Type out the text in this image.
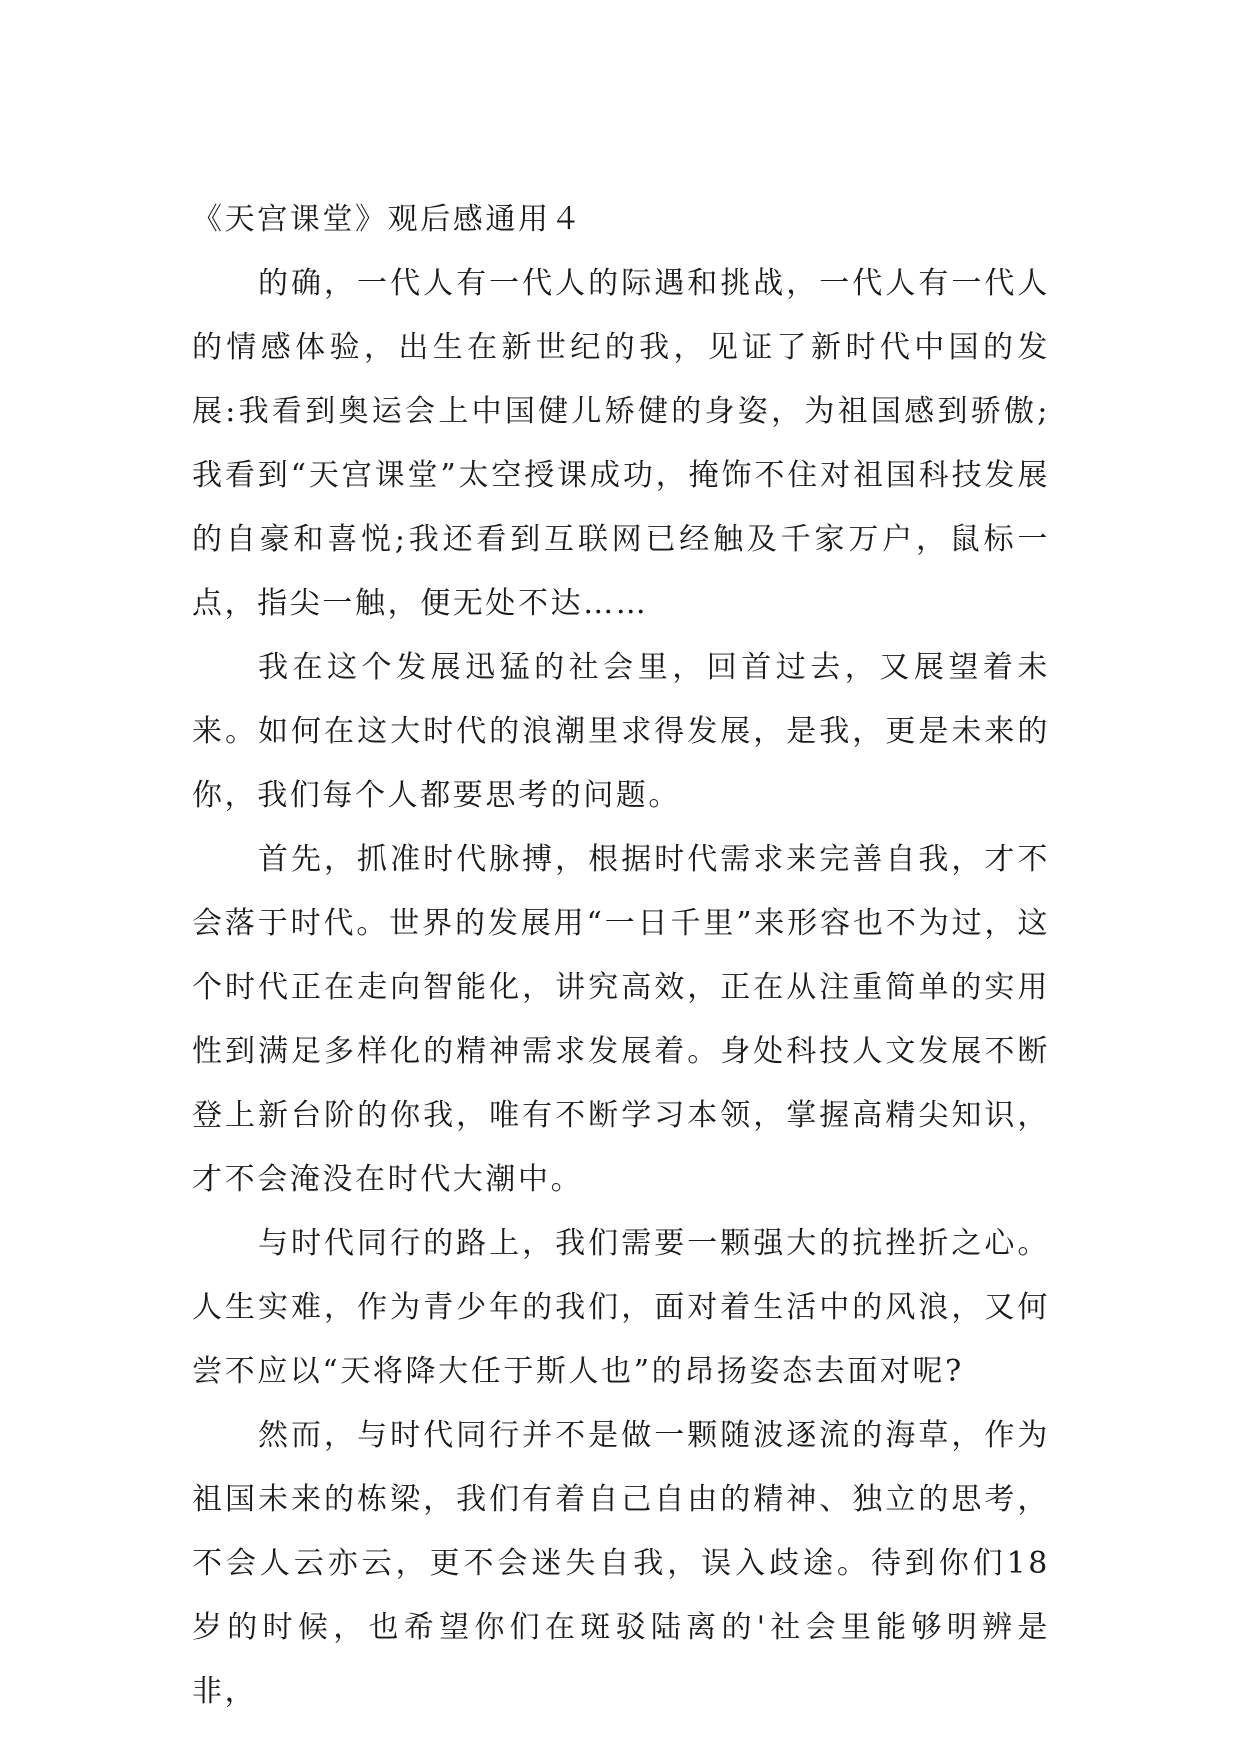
《天宫课堂》观后感通用４

的确，一代人有一代人的际遇和挑战，一代人有一代人的情感体验，出生在新世纪的我，见证了新时代中国的发展:我看到奥运会上中国健儿矫健的身姿，为祖国感到骄傲;我看到“天宫课堂”太空授课成功，掩饰不住对祖国科技发展的自豪和喜悦;我还看到互联网已经触及千家万户，鼠标一点，指尖一触，便无处不达……

我在这个发展迅猛的社会里，回首过去，又展望着未来。如何在这大时代的浪潮里求得发展，是我，更是未来的你，我们每个人都要思考的问题。

首先，抓准时代脉搏，根据时代需求来完善自我，才不会落于时代。世界的发展用“一日千里”来形容也不为过，这个时代正在走向智能化，讲究高效，正在从注重简单的实用性到满足多样化的精神需求发展着。身处科技人文发展不断登上新台阶的你我，唯有不断学习本领，掌握高精尖知识，才不会淹没在时代大潮中。

与时代同行的路上，我们需要一颗强大的抗挫折之心。人生实难，作为青少年的我们，面对着生活中的风浪，又何尝不应以“天将降大任于斯人也”的昂扬姿态去面对呢?

然而，与时代同行并不是做一颗随波逐流的海草，作为祖国未来的栋梁，我们有着自己自由的精神、独立的思考，不会人云亦云，更不会迷失自我，误入歧途。待到你们18岁的时候，也希望你们在斑驳陆离的'社会里能够明辨是非，
